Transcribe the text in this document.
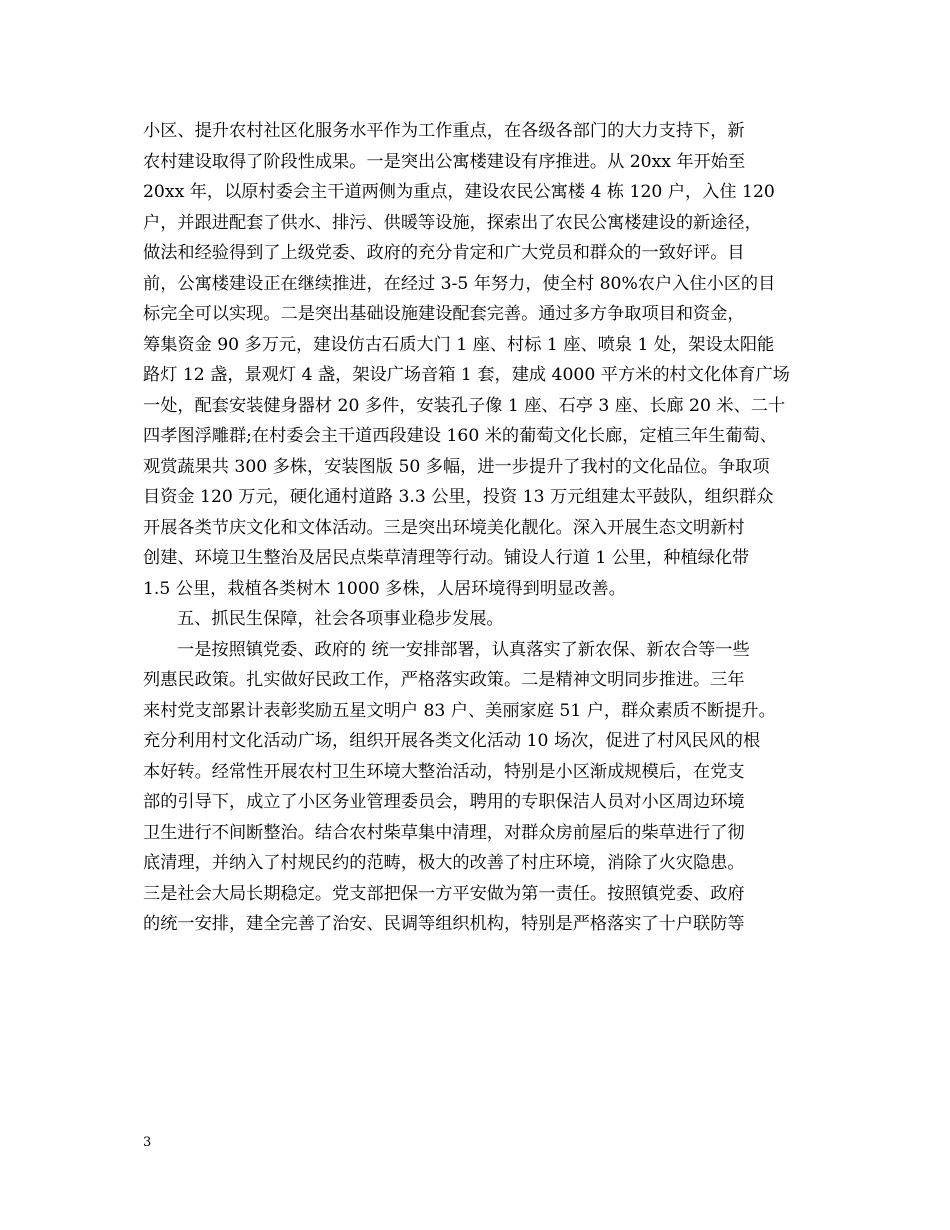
小区、提升农村社区化服务水平作为工作重点，在各级各部门的大力支持下，新
农村建设取得了阶段性成果。一是突出公寓楼建设有序推进。从 20xx 年开始至
20xx 年，以原村委会主干道两侧为重点，建设农民公寓楼 4 栋 120 户，入住 120
户，并跟进配套了供水、排污、供暖等设施，探索出了农民公寓楼建设的新途径，
做法和经验得到了上级党委、政府的充分肯定和广大党员和群众的一致好评。目
前，公寓楼建设正在继续推进，在经过 3-5 年努力，使全村 80%农户入住小区的目
标完全可以实现。二是突出基础设施建设配套完善。通过多方争取项目和资金，
筹集资金 90 多万元，建设仿古石质大门 1 座、村标 1 座、喷泉 1 处，架设太阳能
路灯 12 盏，景观灯 4 盏，架设广场音箱 1 套，建成 4000 平方米的村文化体育广场
一处，配套安装健身器材 20 多件，安装孔子像 1 座、石亭 3 座、长廊 20 米、二十
四孝图浮雕群;在村委会主干道西段建设 160 米的葡萄文化长廊，定植三年生葡萄、
观赏蔬果共 300 多株，安装图版 50 多幅，进一步提升了我村的文化品位。争取项
目资金 120 万元，硬化通村道路 3.3 公里，投资 13 万元组建太平鼓队，组织群众
开展各类节庆文化和文体活动。三是突出环境美化靓化。深入开展生态文明新村
创建、环境卫生整治及居民点柴草清理等行动。铺设人行道 1 公里，种植绿化带
1.5 公里，栽植各类树木 1000 多株，人居环境得到明显改善。
五、抓民生保障，社会各项事业稳步发展。
一是按照镇党委、政府的 统一安排部署，认真落实了新农保、新农合等一些
列惠民政策。扎实做好民政工作，严格落实政策。二是精神文明同步推进。三年
来村党支部累计表彰奖励五星文明户 83 户、美丽家庭 51 户，群众素质不断提升。
充分利用村文化活动广场，组织开展各类文化活动 10 场次，促进了村风民风的根
本好转。经常性开展农村卫生环境大整治活动，特别是小区渐成规模后，在党支
部的引导下，成立了小区务业管理委员会，聘用的专职保洁人员对小区周边环境
卫生进行不间断整治。结合农村柴草集中清理，对群众房前屋后的柴草进行了彻
底清理，并纳入了村规民约的范畴，极大的改善了村庄环境，消除了火灾隐患。
三是社会大局长期稳定。党支部把保一方平安做为第一责任。按照镇党委、政府
的统一安排，建全完善了治安、民调等组织机构，特别是严格落实了十户联防等
3
